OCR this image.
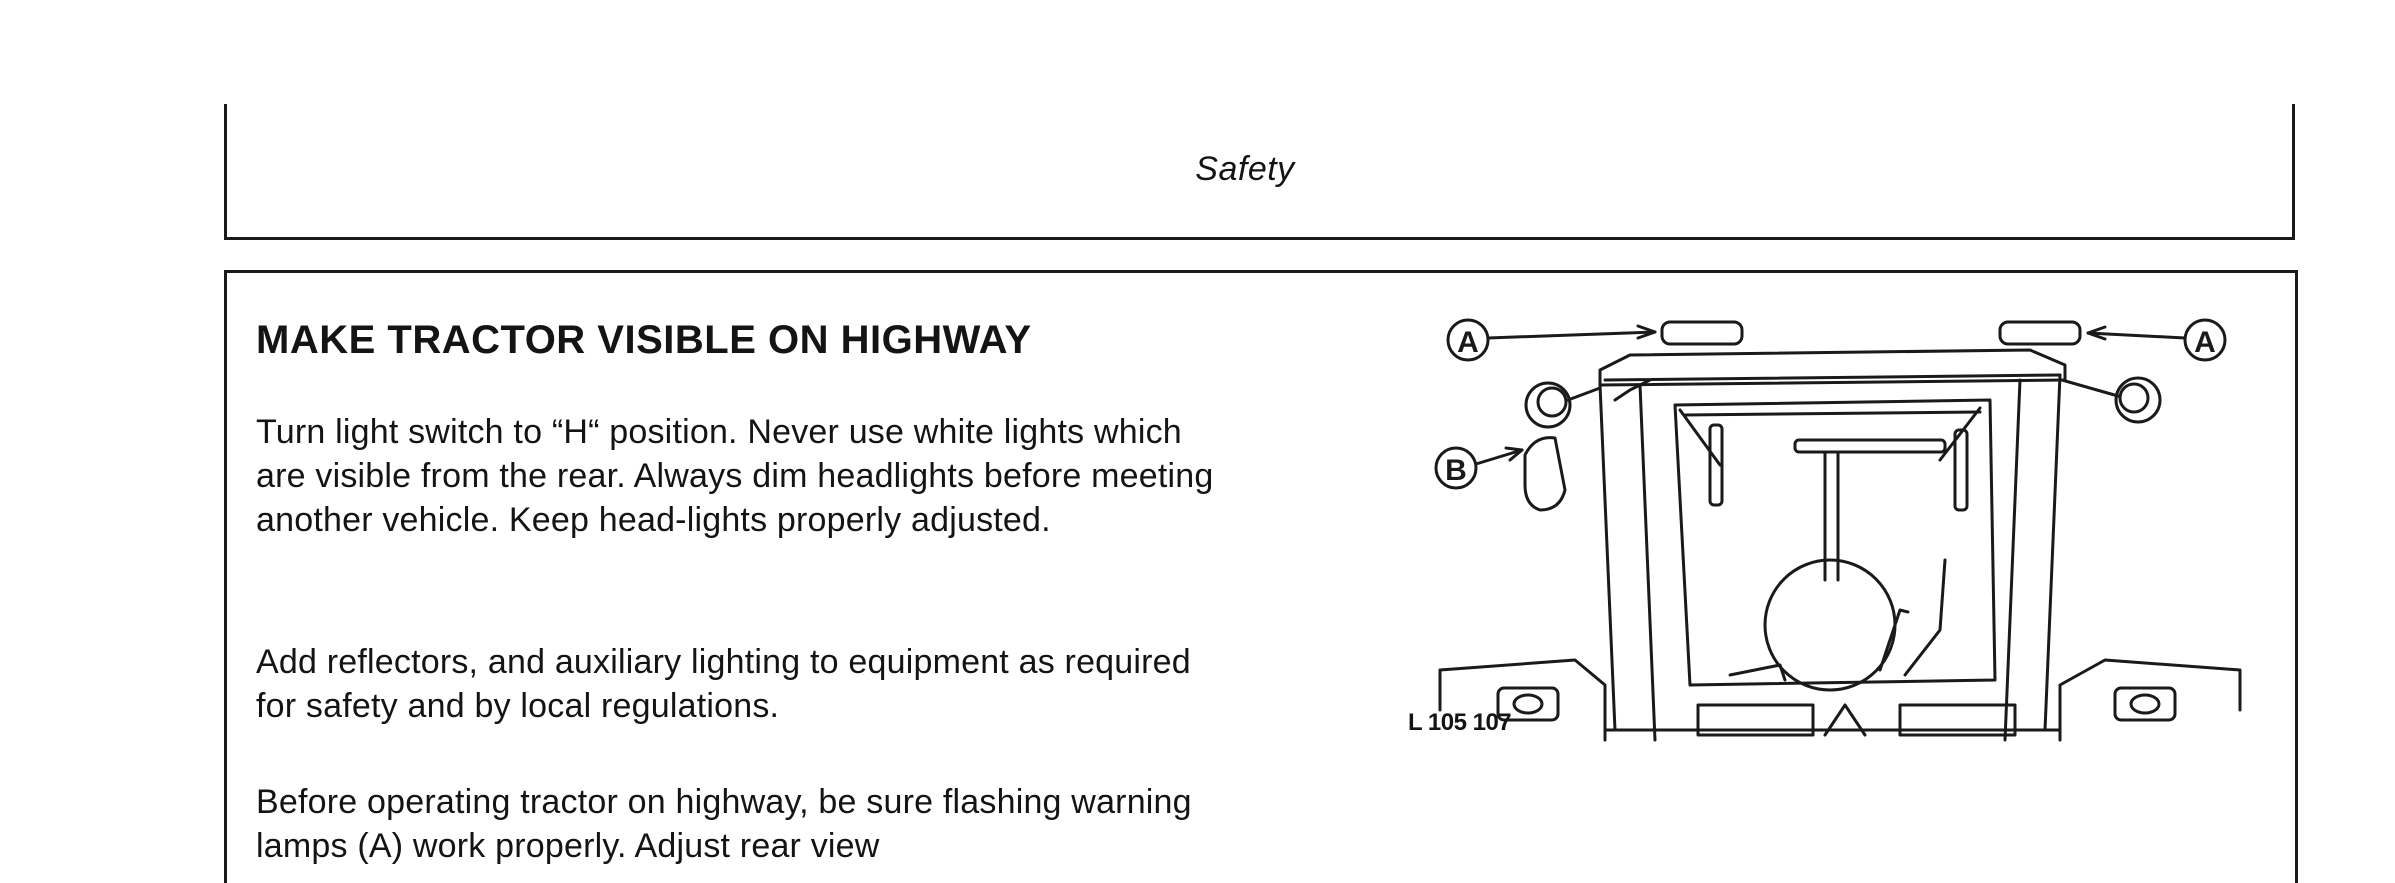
Safety
MAKE TRACTOR VISIBLE ON HIGHWAY

Turn light switch to “H“ position. Never use white lights which are visible from the rear. Always dim headlights before meeting another vehicle. Keep head-lights properly adjusted.

Add reflectors, and auxiliary lighting to equipment as required for safety and by local regulations.

Before operating tractor on highway, be sure flashing warning lamps (A) work properly. Adjust rear view

A	A
B
L 105 107
